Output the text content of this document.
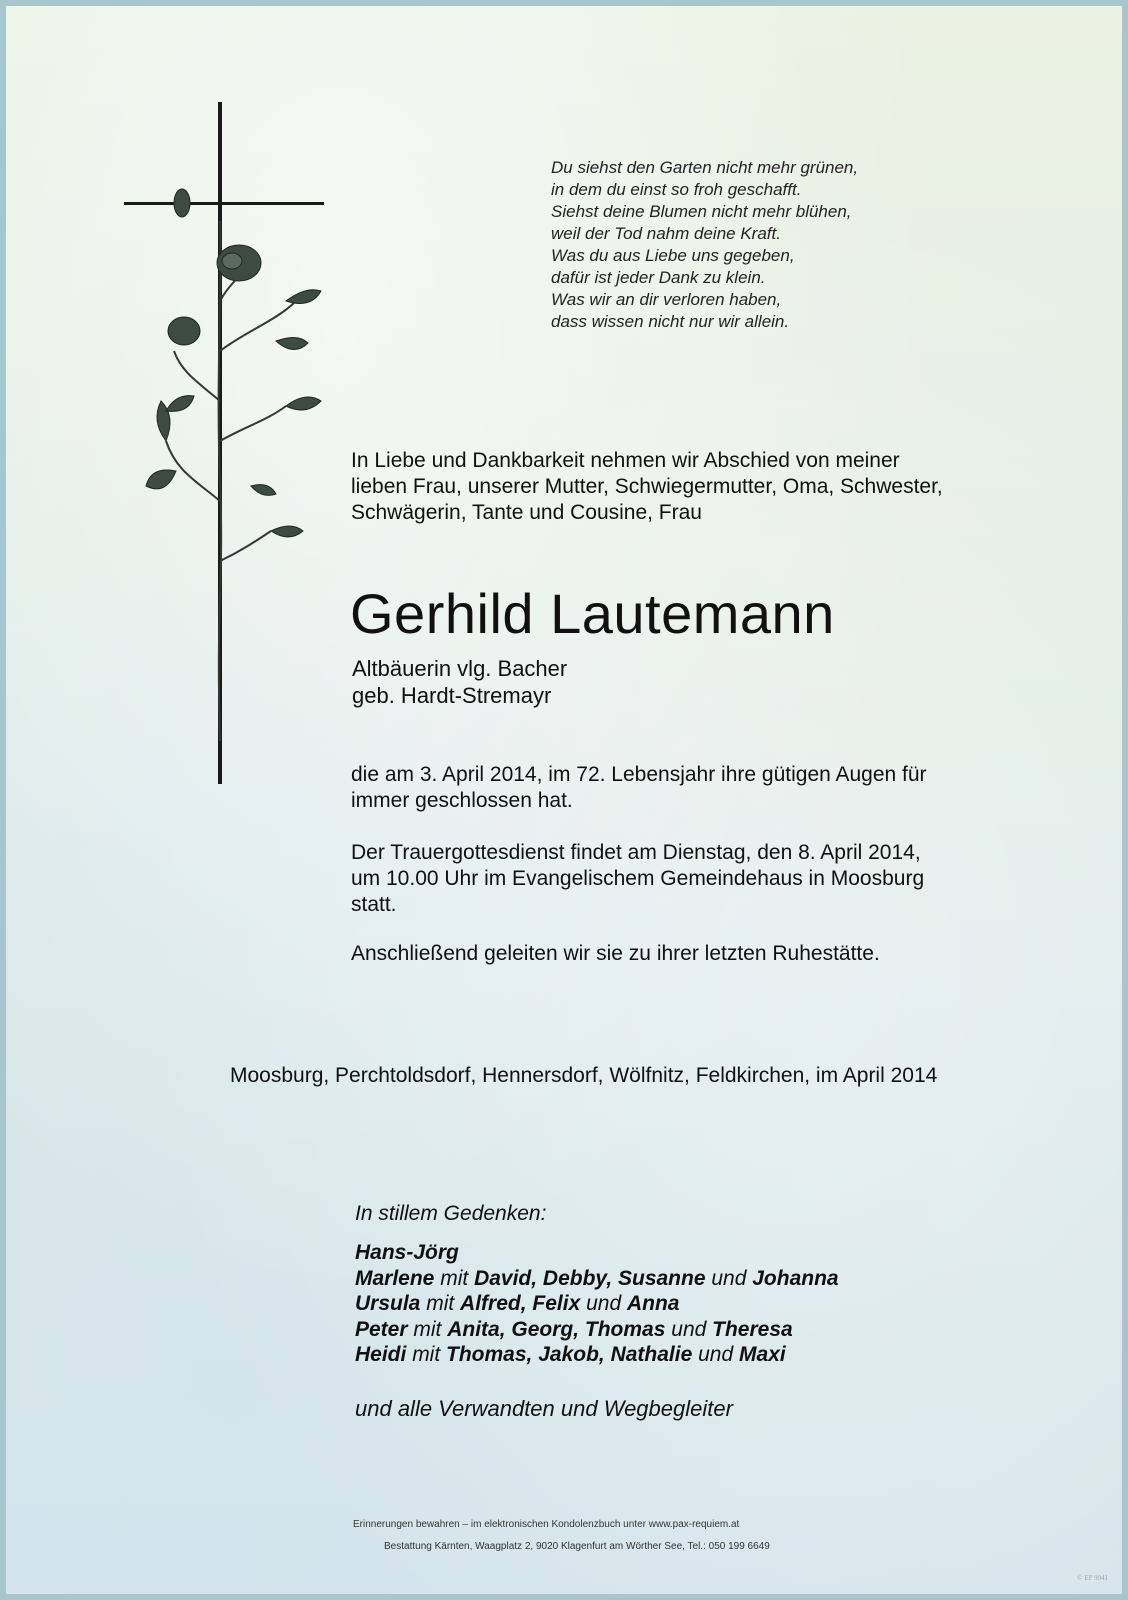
Du siehst den Garten nicht mehr grünen,
in dem du einst so froh geschafft.
Siehst deine Blumen nicht mehr blühen,
weil der Tod nahm deine Kraft.
Was du aus Liebe uns gegeben,
dafür ist jeder Dank zu klein.
Was wir an dir verloren haben,
dass wissen nicht nur wir allein.
In Liebe und Dankbarkeit nehmen wir Abschied von meiner
lieben Frau, unserer Mutter, Schwiegermutter, Oma, Schwester,
Schwägerin, Tante und Cousine, Frau
Gerhild Lautemann
Altbäuerin vlg. Bacher
geb. Hardt-Stremayr
die am 3. April 2014, im 72. Lebensjahr ihre gütigen Augen für
immer geschlossen hat.
Der Trauergottesdienst findet am Dienstag, den 8. April 2014,
um 10.00 Uhr im Evangelischem Gemeindehaus in Moosburg
statt.
Anschließend geleiten wir sie zu ihrer letzten Ruhestätte.
Moosburg, Perchtoldsdorf, Hennersdorf, Wölfnitz, Feldkirchen, im April 2014
In stillem Gedenken:
Hans-Jörg
Marlene mit David, Debby, Susanne und Johanna
Ursula mit Alfred, Felix und Anna
Peter mit Anita, Georg, Thomas und Theresa
Heidi mit Thomas, Jakob, Nathalie und Maxi
und alle Verwandten und Wegbegleiter
Erinnerungen bewahren – im elektronischen Kondolenzbuch unter www.pax-requiem.at
Bestattung Kärnten, Waagplatz 2, 9020 Klagenfurt am Wörther See, Tel.: 050 199 6649
© EP 9041
